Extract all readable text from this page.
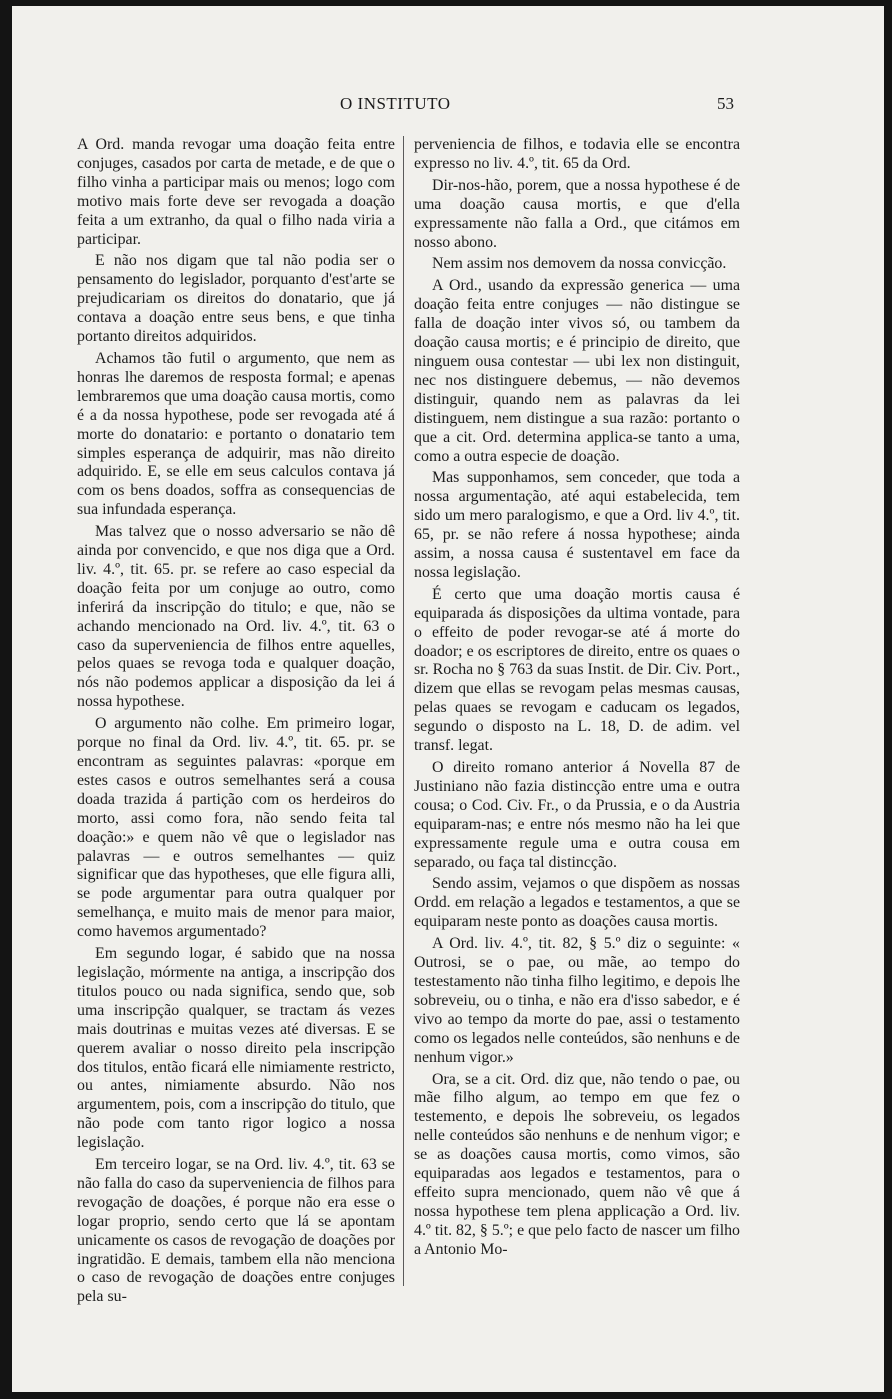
O INSTITUTO	53

A Ord. manda revogar uma doação feita entre conjuges, casados por carta de metade, e de que o filho vinha a participar mais ou menos; logo com motivo mais forte deve ser revogada a doação feita a um extranho, da qual o filho nada viria a participar.

E não nos digam que tal não podia ser o pensamento do legislador, porquanto d'est'arte se prejudicariam os direitos do donatario, que já contava a doação entre seus bens, e que tinha portanto direitos adquiridos.

Achamos tão futil o argumento, que nem as honras lhe daremos de resposta formal; e apenas lembraremos que uma doação causa mortis, como é a da nossa hypothese, pode ser revogada até á morte do donatario: e portanto o donatario tem simples esperança de adquirir, mas não direito adquirido. E, se elle em seus calculos contava já com os bens doados, soffra as consequencias de sua infundada esperança.

Mas talvez que o nosso adversario se não dê ainda por convencido, e que nos diga que a Ord. liv. 4.º, tit. 65. pr. se refere ao caso especial da doação feita por um conjuge ao outro, como inferirá da inscripção do titulo; e que, não se achando mencionado na Ord. liv. 4.º, tit. 63 o caso da superveniencia de filhos entre aquelles, pelos quaes se revoga toda e qualquer doação, nós não podemos applicar a disposição da lei á nossa hypothese.

O argumento não colhe. Em primeiro logar, porque no final da Ord. liv. 4.º, tit. 65. pr. se encontram as seguintes palavras: «porque em estes casos e outros semelhantes será a cousa doada trazida á partição com os herdeiros do morto, assi como fora, não sendo feita tal doação:» e quem não vê que o legislador nas palavras — e outros semelhantes — quiz significar que das hypotheses, que elle figura alli, se pode argumentar para outra qualquer por semelhança, e muito mais de menor para maior, como havemos argumentado?

Em segundo logar, é sabido que na nossa legislação, mórmente na antiga, a inscripção dos titulos pouco ou nada significa, sendo que, sob uma inscripção qualquer, se tractam ás vezes mais doutrinas e muitas vezes até diversas. E se querem avaliar o nosso direito pela inscripção dos titulos, então ficará elle nimiamente restricto, ou antes, nimiamente absurdo. Não nos argumentem, pois, com a inscripção do titulo, que não pode com tanto rigor logico a nossa legislação.

Em terceiro logar, se na Ord. liv. 4.º, tit. 63 se não falla do caso da superveniencia de filhos para revogação de doações, é porque não era esse o logar proprio, sendo certo que lá se apontam unicamente os casos de revogação de doações por ingratidão. E demais, tambem ella não menciona o caso de revogação de doações entre conjuges pela su-

perveniencia de filhos, e todavia elle se encontra expresso no liv. 4.º, tit. 65 da Ord.

Dir-nos-hão, porem, que a nossa hypothese é de uma doação causa mortis, e que d'ella expressamente não falla a Ord., que citámos em nosso abono.

Nem assim nos demovem da nossa convicção.

A Ord., usando da expressão generica — uma doação feita entre conjuges — não distingue se falla de doação inter vivos só, ou tambem da doação causa mortis; e é principio de direito, que ninguem ousa contestar — ubi lex non distinguit, nec nos distinguere debemus, — não devemos distinguir, quando nem as palavras da lei distinguem, nem distingue a sua razão: portanto o que a cit. Ord. determina applica-se tanto a uma, como a outra especie de doação.

Mas supponhamos, sem conceder, que toda a nossa argumentação, até aqui estabelecida, tem sido um mero paralogismo, e que a Ord. liv 4.º, tit. 65, pr. se não refere á nossa hypothese; ainda assim, a nossa causa é sustentavel em face da nossa legislação.

É certo que uma doação mortis causa é equiparada ás disposições da ultima vontade, para o effeito de poder revogar-se até á morte do doador; e os escriptores de direito, entre os quaes o sr. Rocha no § 763 da suas Instit. de Dir. Civ. Port., dizem que ellas se revogam pelas mesmas causas, pelas quaes se revogam e caducam os legados, segundo o disposto na L. 18, D. de adim. vel transf. legat.

O direito romano anterior á Novella 87 de Justiniano não fazia distincção entre uma e outra cousa; o Cod. Civ. Fr., o da Prussia, e o da Austria equiparam-nas; e entre nós mesmo não ha lei que expressamente regule uma e outra cousa em separado, ou faça tal distincção.

Sendo assim, vejamos o que dispõem as nossas Ordd. em relação a legados e testamentos, a que se equiparam neste ponto as doações causa mortis.

A Ord. liv. 4.º, tit. 82, § 5.º diz o seguinte: « Outrosi, se o pae, ou mãe, ao tempo do testestamento não tinha filho legitimo, e depois lhe sobreveiu, ou o tinha, e não era d'isso sabedor, e é vivo ao tempo da morte do pae, assi o testamento como os legados nelle conteúdos, são nenhuns e de nenhum vigor.»

Ora, se a cit. Ord. diz que, não tendo o pae, ou mãe filho algum, ao tempo em que fez o testemento, e depois lhe sobreveiu, os legados nelle conteúdos são nenhuns e de nenhum vigor; e se as doações causa mortis, como vimos, são equiparadas aos legados e testamentos, para o effeito supra mencionado, quem não vê que á nossa hypothese tem plena applicação a Ord. liv. 4.º tit. 82, § 5.º; e que pelo facto de nascer um filho a Antonio Mo-
